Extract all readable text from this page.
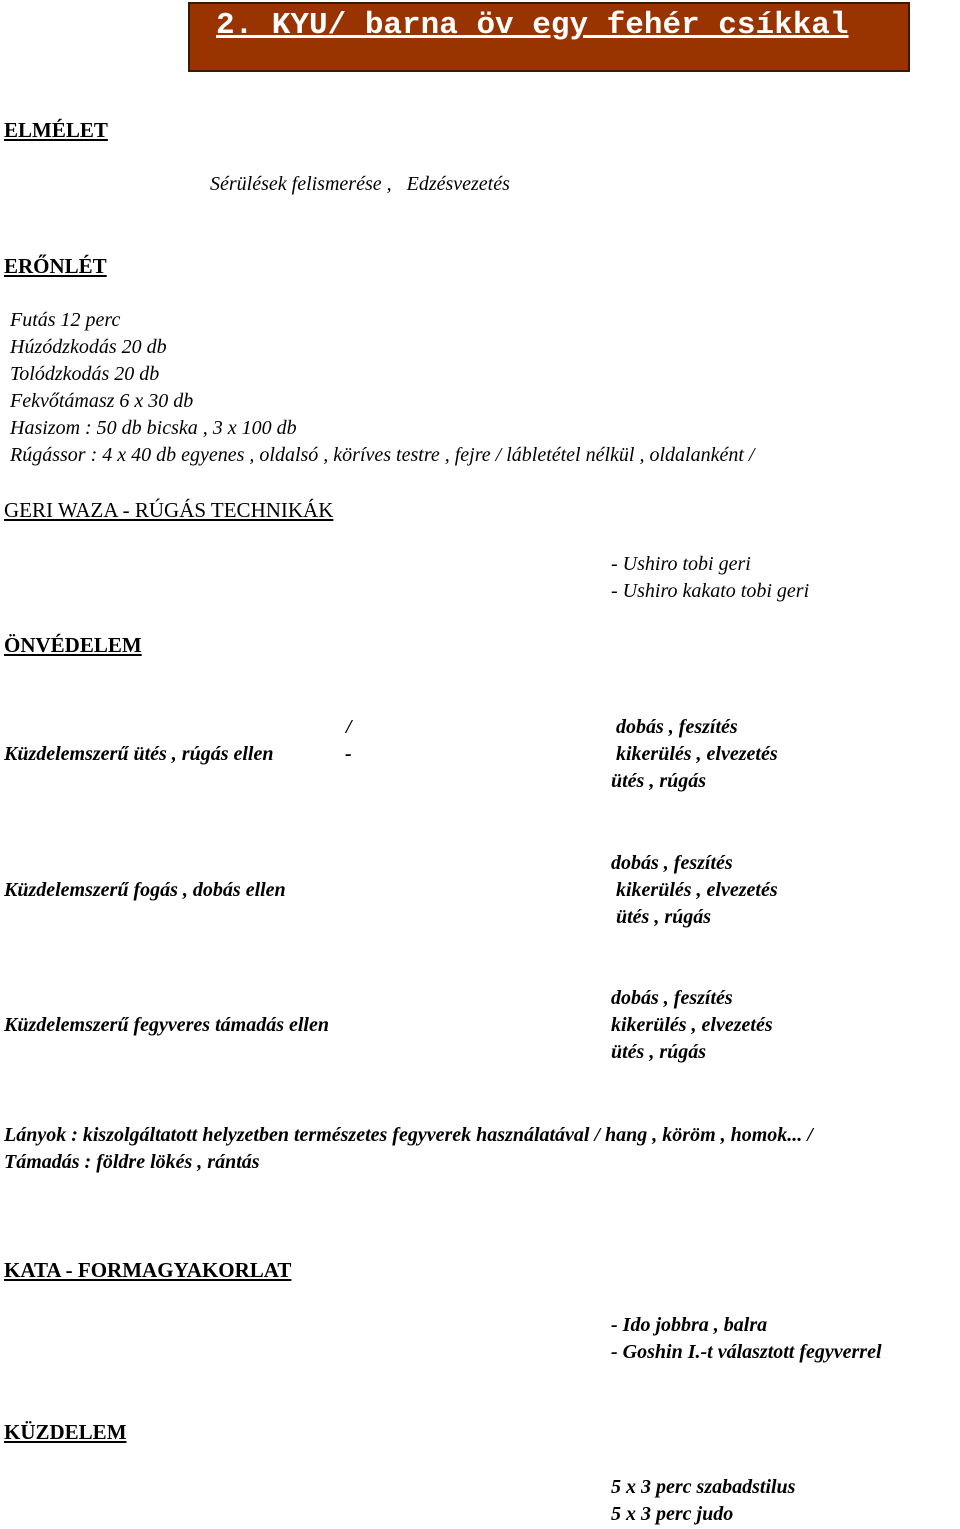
2. KYU/ barna öv egy fehér csíkkal
ELMÉLET
Sérülések felismerése ,   Edzésvezetés
ERŐNLÉT
Futás 12 perc
Húzódzkodás 20 db
Tolódzkodás 20 db
Fekvőtámasz 6 x 30 db
Hasizom : 50 db bicska , 3 x 100 db
Rúgássor : 4 x 40 db egyenes , oldalsó , köríves testre , fejre / lábletétel nélkül , oldalanként /
GERI WAZA - RÚGÁS TECHNIKÁK
- Ushiro tobi geri
- Ushiro kakato tobi geri
ÖNVÉDELEM
/
Küzdelemszerű ütés , rúgás ellen	-
dobás , feszítés
kikerülés , elvezetés
ütés , rúgás
Küzdelemszerű fogás , dobás ellen
dobás , feszítés
kikerülés , elvezetés
ütés , rúgás
Küzdelemszerű fegyveres támadás ellen
dobás , feszítés
kikerülés , elvezetés
ütés , rúgás
Lányok : kiszolgáltatott helyzetben természetes fegyverek használatával / hang , köröm , homok... /
Támadás : földre lökés , rántás
KATA - FORMAGYAKORLAT
- Ido jobbra , balra
- Goshin I.-t választott fegyverrel
KÜZDELEM
5 x 3 perc szabadstilus
5 x 3 perc judo
